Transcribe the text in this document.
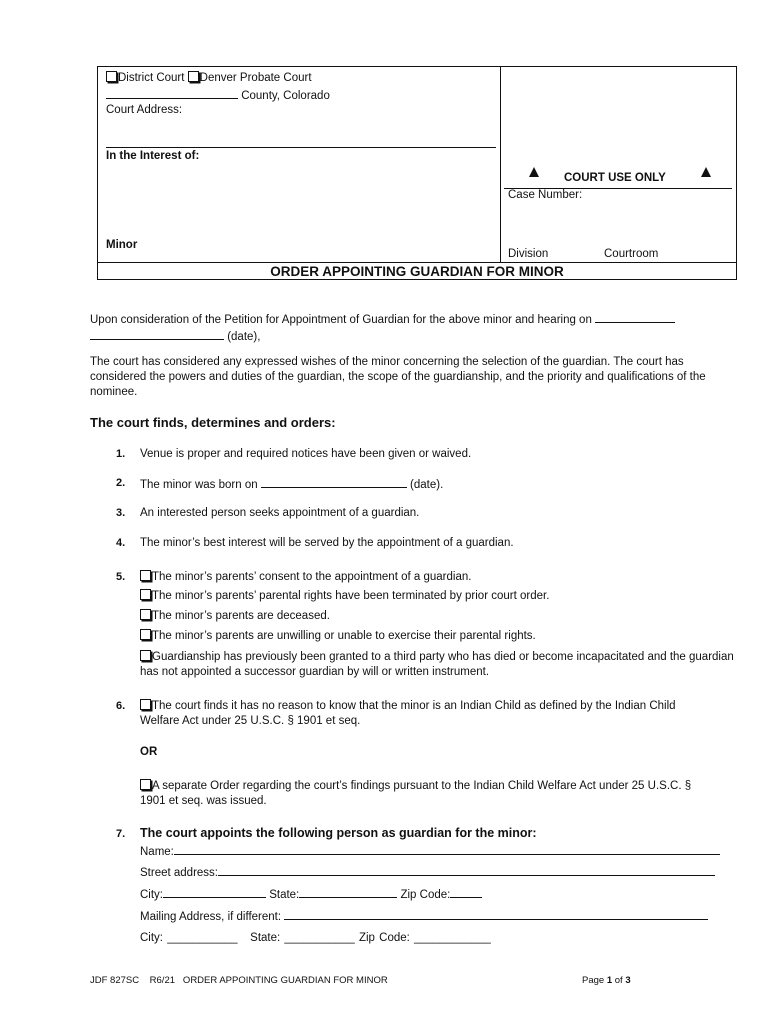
District Court Denver Probate Court
County, Colorado
Court Address:
In the Interest of:
Minor
COURT USE ONLY
Case Number:
Division	Courtroom
ORDER APPOINTING GUARDIAN FOR MINOR
Upon consideration of the Petition for Appointment of Guardian for the above minor and hearing on
(date),
The court has considered any expressed wishes of the minor concerning the selection of the guardian. The court has considered the powers and duties of the guardian, the scope of the guardianship, and the priority and qualifications of the nominee.
The court finds, determines and orders:
1. Venue is proper and required notices have been given or waived.
2. The minor was born on	(date).
3. An interested person seeks appointment of a guardian.
4. The minor’s best interest will be served by the appointment of a guardian.
5.	The minor’s parents’ consent to the appointment of a guardian.
The minor’s parents’ parental rights have been terminated by prior court order.
The minor’s parents are deceased.
The minor’s parents are unwilling or unable to exercise their parental rights.
Guardianship has previously been granted to a third party who has died or become incapacitated and the guardian has not appointed a successor guardian by will or written instrument.
6.	The court finds it has no reason to know that the minor is an Indian Child as defined by the Indian Child Welfare Act under 25 U.S.C. § 1901 et seq.
OR
A separate Order regarding the court’s findings pursuant to the Indian Child Welfare Act under 25 U.S.C. § 1901 et seq. was issued.
7. The court appoints the following person as guardian for the minor:
Name:
Street address:
City:	State:	Zip Code:
Mailing Address, if different:
City: ___________ State: ___________ Zip Code: ____________
JDF 827SC    R6/21   ORDER APPOINTING GUARDIAN FOR MINOR	Page 1 of 3
